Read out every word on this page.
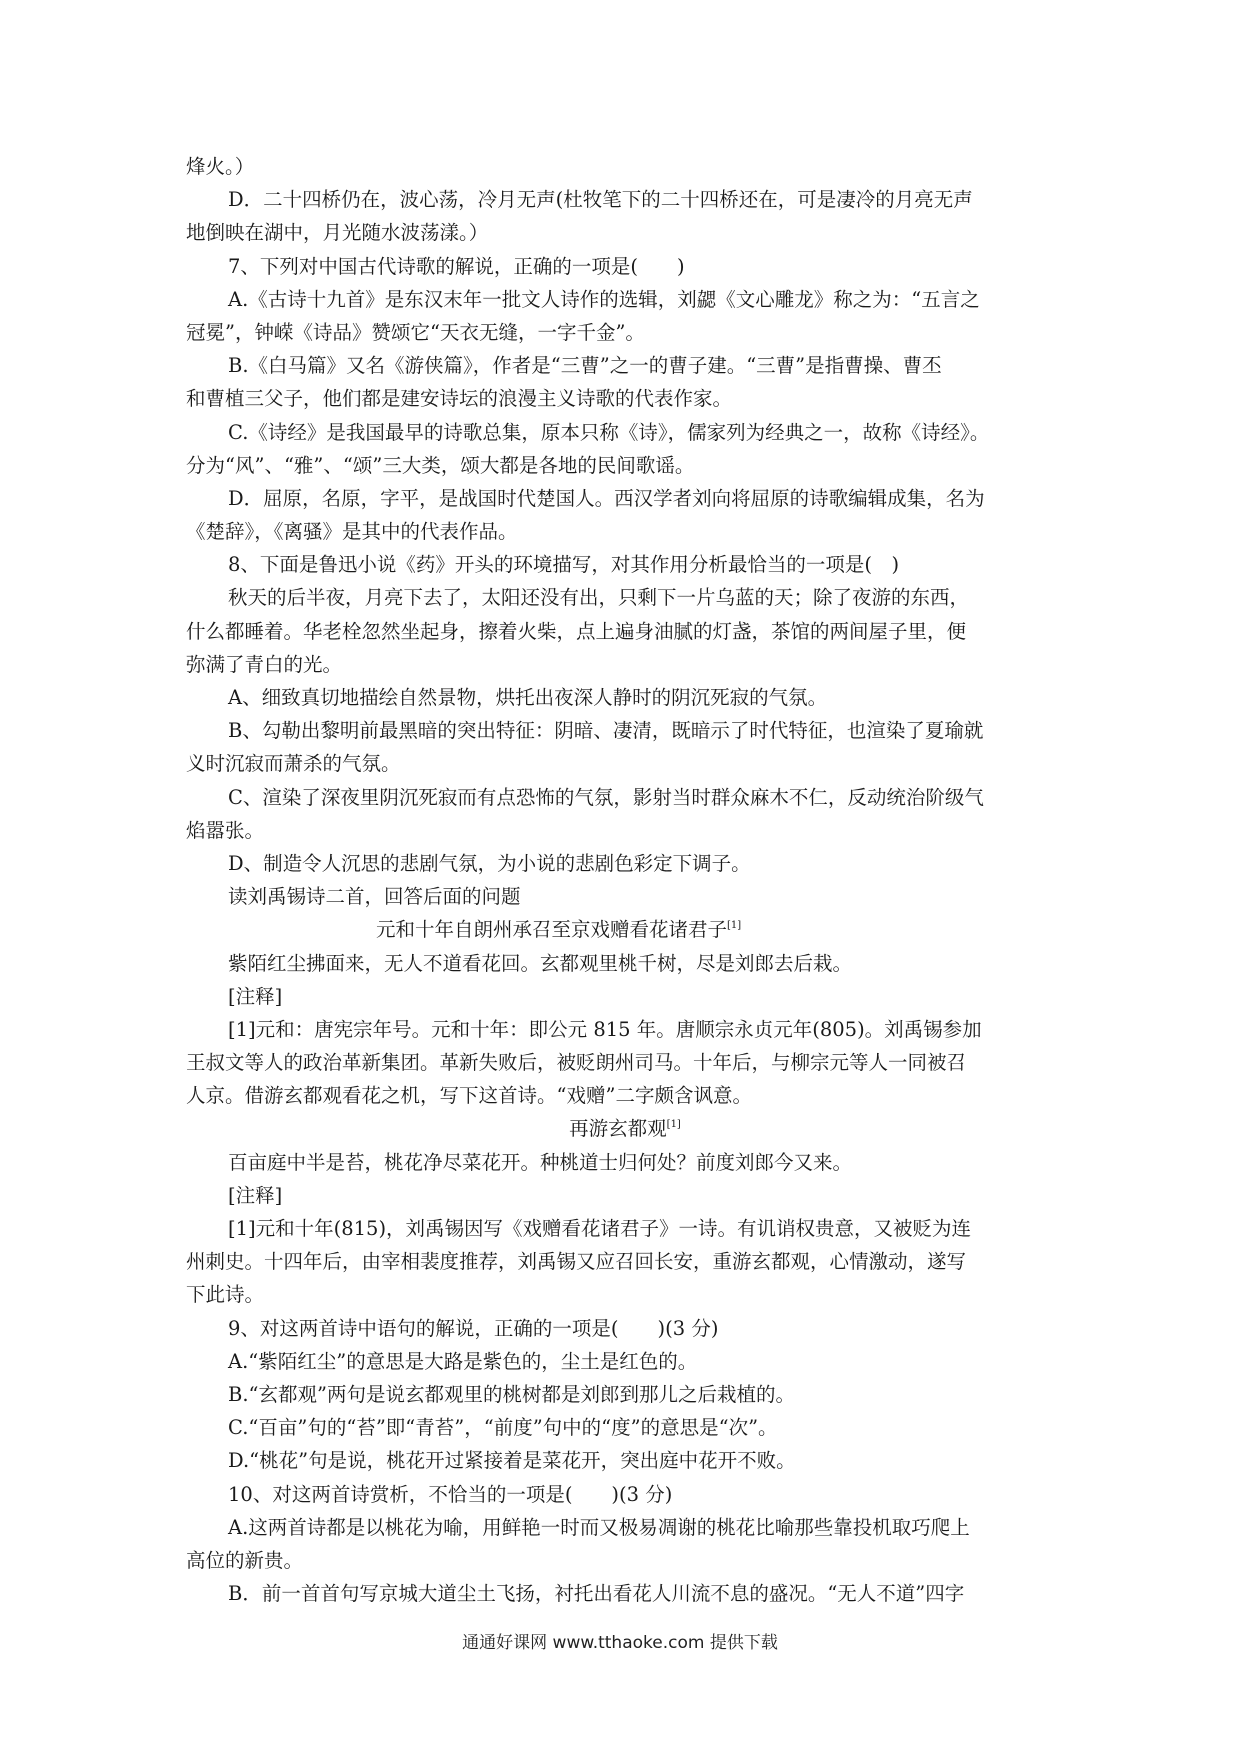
烽火。）
D．二十四桥仍在，波心荡，冷月无声(杜牧笔下的二十四桥还在，可是凄冷的月亮无声
地倒映在湖中，月光随水波荡漾。）
7、下列对中国古代诗歌的解说，正确的一项是(　　)
A.《古诗十九首》是东汉末年一批文人诗作的选辑，刘勰《文心雕龙》称之为：“五言之
冠冕”，钟嵘《诗品》赞颂它“天衣无缝，一字千金”。
B.《白马篇》又名《游侠篇》，作者是“三曹”之一的曹子建。“三曹”是指曹操、曹丕
和曹植三父子，他们都是建安诗坛的浪漫主义诗歌的代表作家。
C.《诗经》是我国最早的诗歌总集，原本只称《诗》，儒家列为经典之一，故称《诗经》。
分为“风”、“雅”、“颂”三大类，颂大都是各地的民间歌谣。
D．屈原，名原，字平，是战国时代楚国人。西汉学者刘向将屈原的诗歌编辑成集，名为
《楚辞》，《离骚》是其中的代表作品。
8、下面是鲁迅小说《药》开头的环境描写，对其作用分析最恰当的一项是(　)
秋天的后半夜，月亮下去了，太阳还没有出，只剩下一片乌蓝的天；除了夜游的东西，
什么都睡着。华老栓忽然坐起身，擦着火柴，点上遍身油腻的灯盏，茶馆的两间屋子里，便
弥满了青白的光。
A、细致真切地描绘自然景物，烘托出夜深人静时的阴沉死寂的气氛。
B、勾勒出黎明前最黑暗的突出特征：阴暗、凄清，既暗示了时代特征，也渲染了夏瑜就
义时沉寂而萧杀的气氛。
C、渲染了深夜里阴沉死寂而有点恐怖的气氛，影射当时群众麻木不仁，反动统治阶级气
焰嚣张。
D、制造令人沉思的悲剧气氛，为小说的悲剧色彩定下调子。
读刘禹锡诗二首，回答后面的问题
元和十年自朗州承召至京戏赠看花诸君子[1]
紫陌红尘拂面来，无人不道看花回。玄都观里桃千树，尽是刘郎去后栽。
[注释]
[1]元和：唐宪宗年号。元和十年：即公元 815 年。唐顺宗永贞元年(805)。刘禹锡参加
王叔文等人的政治革新集团。革新失败后，被贬朗州司马。十年后，与柳宗元等人一同被召
人京。借游玄都观看花之机，写下这首诗。“戏赠”二字颇含讽意。
再游玄都观[1]
百亩庭中半是苔，桃花净尽菜花开。种桃道士归何处？前度刘郎今又来。
[注释]
[1]元和十年(815)，刘禹锡因写《戏赠看花诸君子》一诗。有讥诮权贵意，又被贬为连
州刺史。十四年后，由宰相裴度推荐，刘禹锡又应召回长安，重游玄都观，心情激动，遂写
下此诗。
9、对这两首诗中语句的解说，正确的一项是(　　)(3 分)
A.“紫陌红尘”的意思是大路是紫色的，尘土是红色的。
B.“玄都观”两句是说玄都观里的桃树都是刘郎到那儿之后栽植的。
C.“百亩”句的“苔”即“青苔”，“前度”句中的“度”的意思是“次”。
D.“桃花”句是说，桃花开过紧接着是菜花开，突出庭中花开不败。
10、对这两首诗赏析，不恰当的一项是(　　)(3 分)
A.这两首诗都是以桃花为喻，用鲜艳一时而又极易凋谢的桃花比喻那些靠投机取巧爬上
高位的新贵。
B．前一首首句写京城大道尘土飞扬，衬托出看花人川流不息的盛况。“无人不道”四字
通通好课网 www.tthaoke.com 提供下载
